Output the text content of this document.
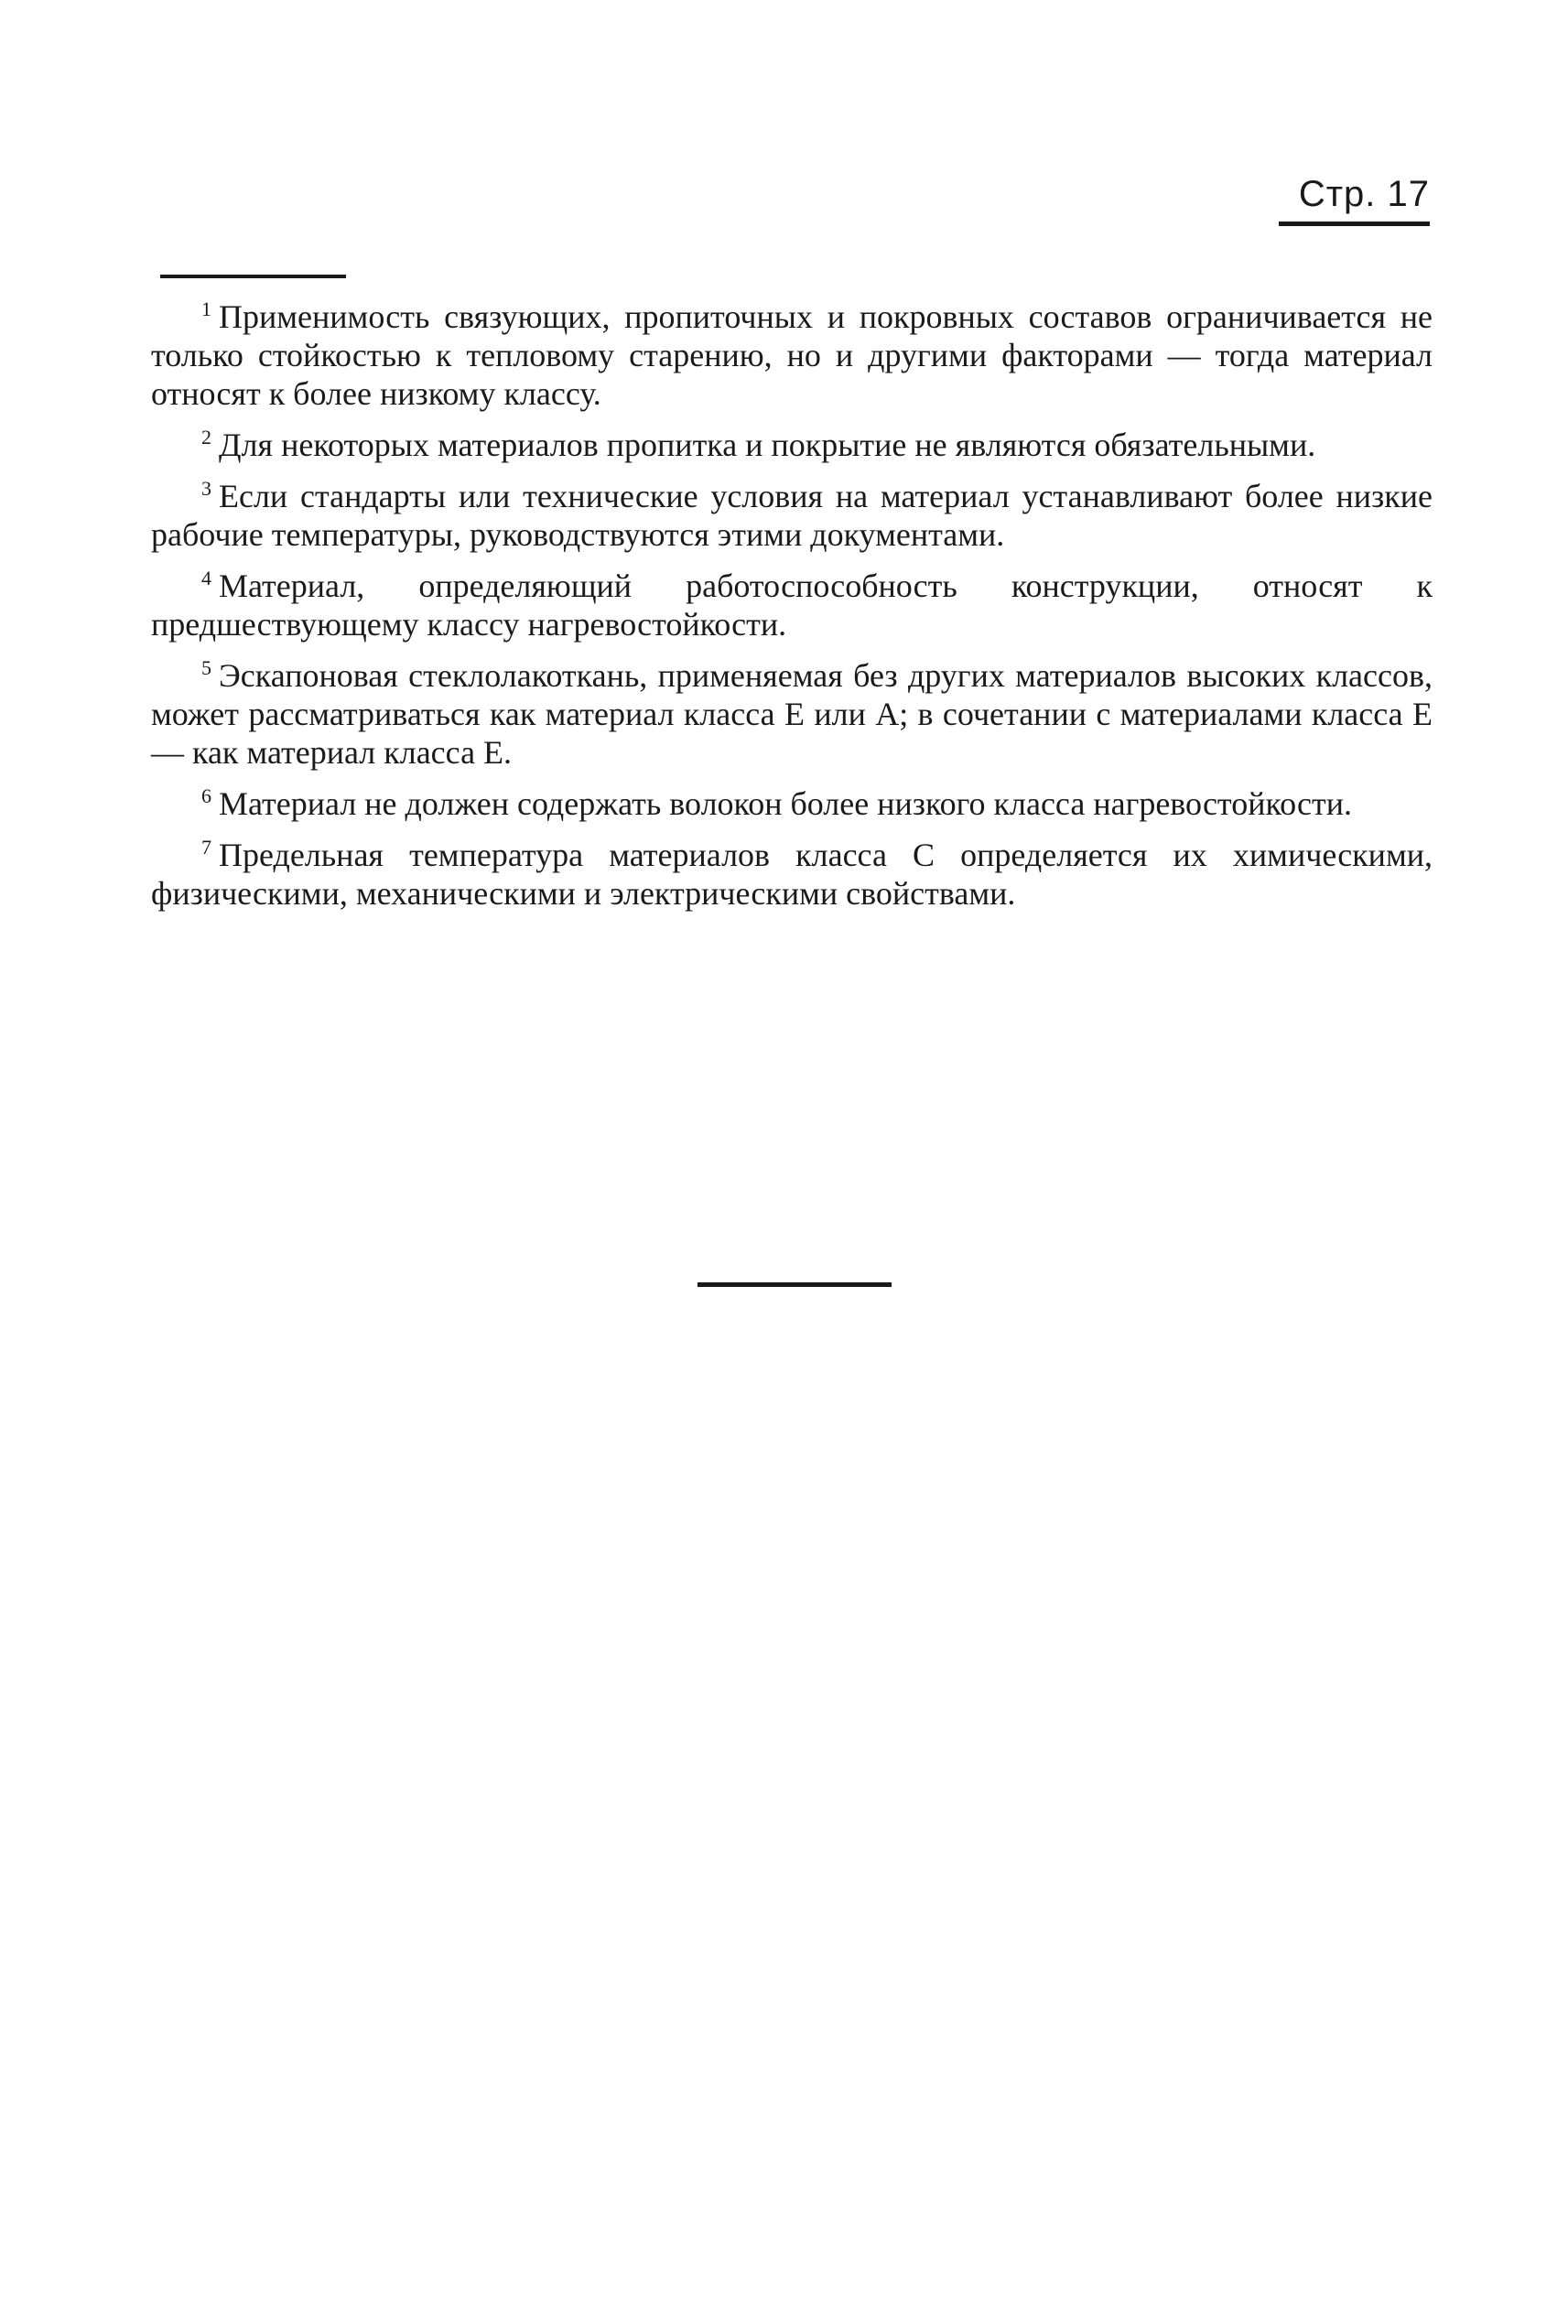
Стр. 17

$^1$ Применимость связующих, пропиточных и покровных составов ограничивается не только стойкостью к тепловому старению, но и другими факторами — тогда материал относят к более низкому классу.

$^2$ Для некоторых материалов пропитка и покрытие не являются обязательными.

$^3$ Если стандарты или технические условия на материал устанавливают более низкие рабочие температуры, руководствуются этими документами.

$^4$ Материал, определяющий работоспособность конструкции, относят к предшествующему классу нагревостойкости.

$^5$ Эскапоновая стеклолакоткань, применяемая без других материалов высоких классов, может рассматриваться как материал класса E или A; в сочетании с материалами класса E — как материал класса E.

$^6$ Материал не должен содержать волокон более низкого класса нагревостойкости.

$^7$ Предельная температура материалов класса C определяется их химическими, физическими, механическими и электрическими свойствами.
